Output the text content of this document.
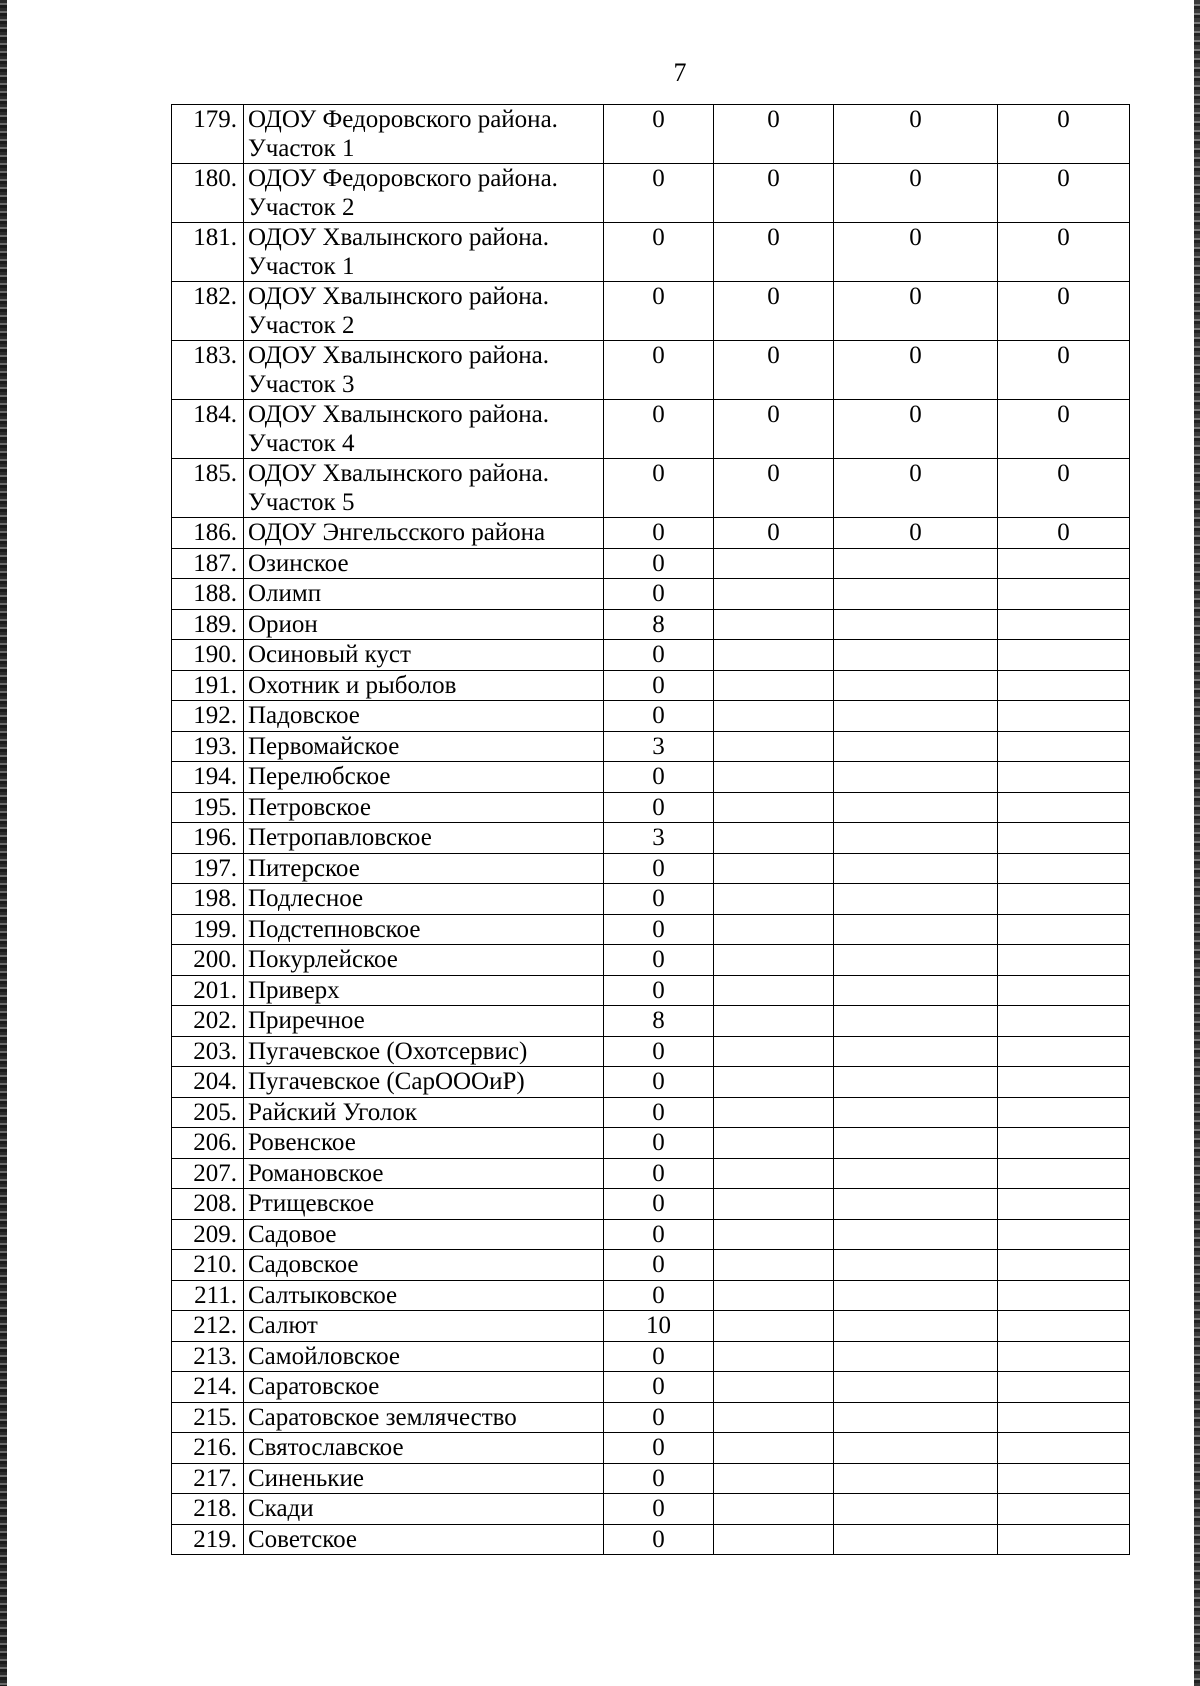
7
179.	ОДОУ Федоровского района.
Участок 1	0	0	0	0
180.	ОДОУ Федоровского района.
Участок 2	0	0	0	0
181.	ОДОУ Хвалынского района.
Участок 1	0	0	0	0
182.	ОДОУ Хвалынского района.
Участок 2	0	0	0	0
183.	ОДОУ Хвалынского района.
Участок 3	0	0	0	0
184.	ОДОУ Хвалынского района.
Участок 4	0	0	0	0
185.	ОДОУ Хвалынского района.
Участок 5	0	0	0	0
186.	ОДОУ Энгельсского района	0	0	0	0
187.	Озинское	0			
188.	Олимп	0			
189.	Орион	8			
190.	Осиновый куст	0			
191.	Охотник и рыболов	0			
192.	Падовское	0			
193.	Первомайское	3			
194.	Перелюбское	0			
195.	Петровское	0			
196.	Петропавловское	3			
197.	Питерское	0			
198.	Подлесное	0			
199.	Подстепновское	0			
200.	Покурлейское	0			
201.	Приверх	0			
202.	Приречное	8			
203.	Пугачевское (Охотсервис)	0			
204.	Пугачевское (СарОООиР)	0			
205.	Райский Уголок	0			
206.	Ровенское	0			
207.	Романовское	0			
208.	Ртищевское	0			
209.	Садовое	0			
210.	Садовское	0			
211.	Салтыковское	0			
212.	Салют	10			
213.	Самойловское	0			
214.	Саратовское	0			
215.	Саратовское землячество	0			
216.	Святославское	0			
217.	Синенькие	0			
218.	Скади	0			
219.	Советское	0			
